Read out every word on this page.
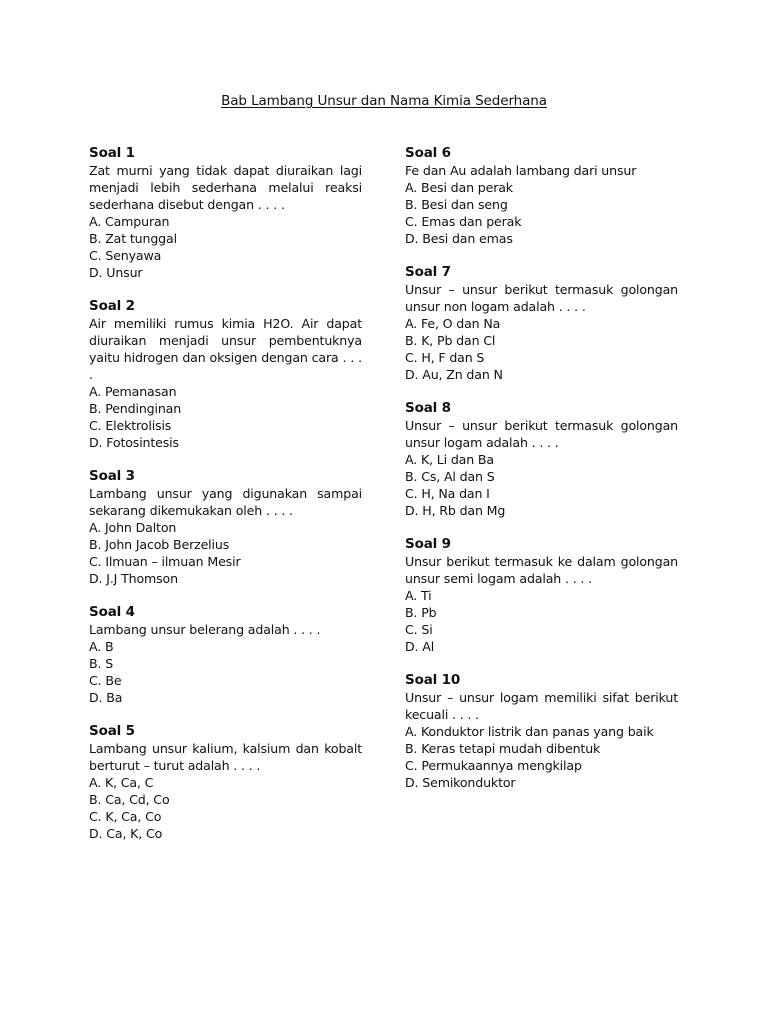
Bab Lambang Unsur dan Nama Kimia Sederhana
Soal 1
Zat murni yang tidak dapat diuraikan lagi menjadi lebih sederhana melalui reaksi sederhana disebut dengan . . . .
A. Campuran
B. Zat tunggal
C. Senyawa
D. Unsur
Soal 2
Air memiliki rumus kimia H2O. Air dapat diuraikan menjadi unsur pembentuknya yaitu hidrogen dan oksigen dengan cara . . . .
A. Pemanasan
B. Pendinginan
C. Elektrolisis
D. Fotosintesis
Soal 3
Lambang unsur yang digunakan sampai sekarang dikemukakan oleh . . . .
A. John Dalton
B. John Jacob Berzelius
C. Ilmuan – ilmuan Mesir
D. J.J Thomson
Soal 4
Lambang unsur belerang adalah . . . .
A. B
B. S
C. Be
D. Ba
Soal 5
Lambang unsur kalium, kalsium dan kobalt berturut – turut adalah . . . .
A. K, Ca, C
B. Ca, Cd, Co
C. K, Ca, Co
D. Ca, K, Co
Soal 6
Fe dan Au adalah lambang dari unsur
A. Besi dan perak
B. Besi dan seng
C. Emas dan perak
D. Besi dan emas
Soal 7
Unsur – unsur berikut termasuk golongan unsur non logam adalah . . . .
A. Fe, O dan Na
B. K, Pb dan Cl
C. H, F dan S
D. Au, Zn dan N
Soal 8
Unsur – unsur berikut termasuk golongan unsur logam adalah . . . .
A. K, Li dan Ba
B. Cs, Al dan S
C. H, Na dan I
D. H, Rb dan Mg
Soal 9
Unsur berikut termasuk ke dalam golongan unsur semi logam adalah . . . .
A. Ti
B. Pb
C. Si
D. Al
Soal 10
Unsur – unsur logam memiliki sifat berikut kecuali . . . .
A. Konduktor listrik dan panas yang baik
B. Keras tetapi mudah dibentuk
C. Permukaannya mengkilap
D. Semikonduktor
